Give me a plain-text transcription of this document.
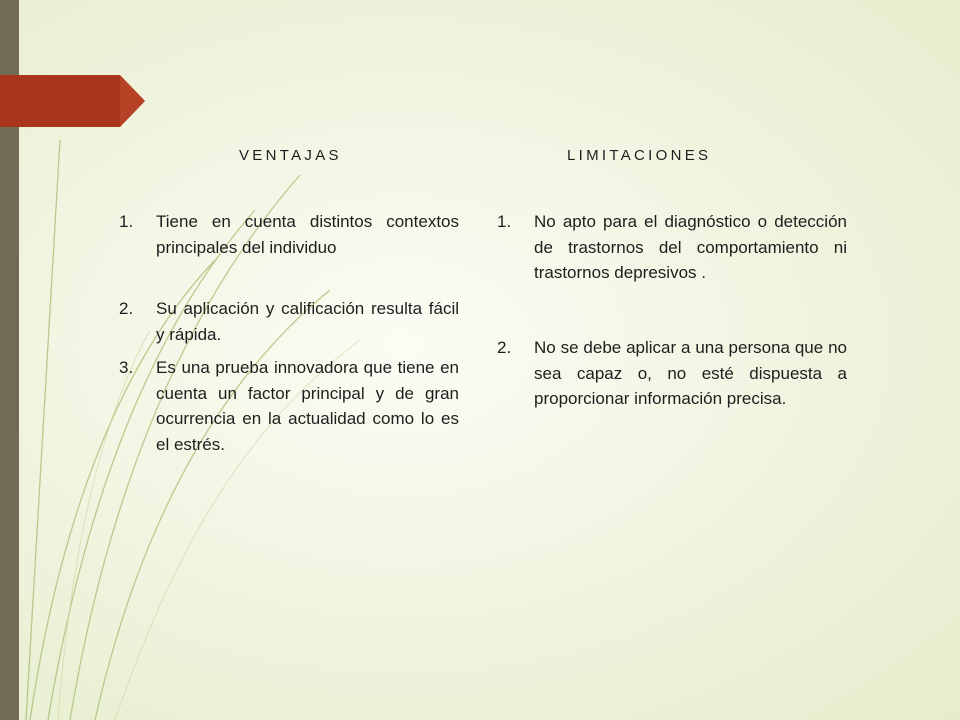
VENTAJAS
1.	Tiene en cuenta distintos contextos principales del individuo
2.	Su aplicación y calificación resulta fácil y rápida.
3.	Es una prueba innovadora que tiene en cuenta un factor principal y de gran ocurrencia en la actualidad como lo es el estrés.
LIMITACIONES
1.	No apto para el diagnóstico o detección de trastornos del comportamiento ni trastornos depresivos .
2.	No se debe aplicar a una persona que no sea capaz o, no esté dispuesta a proporcionar información precisa.
